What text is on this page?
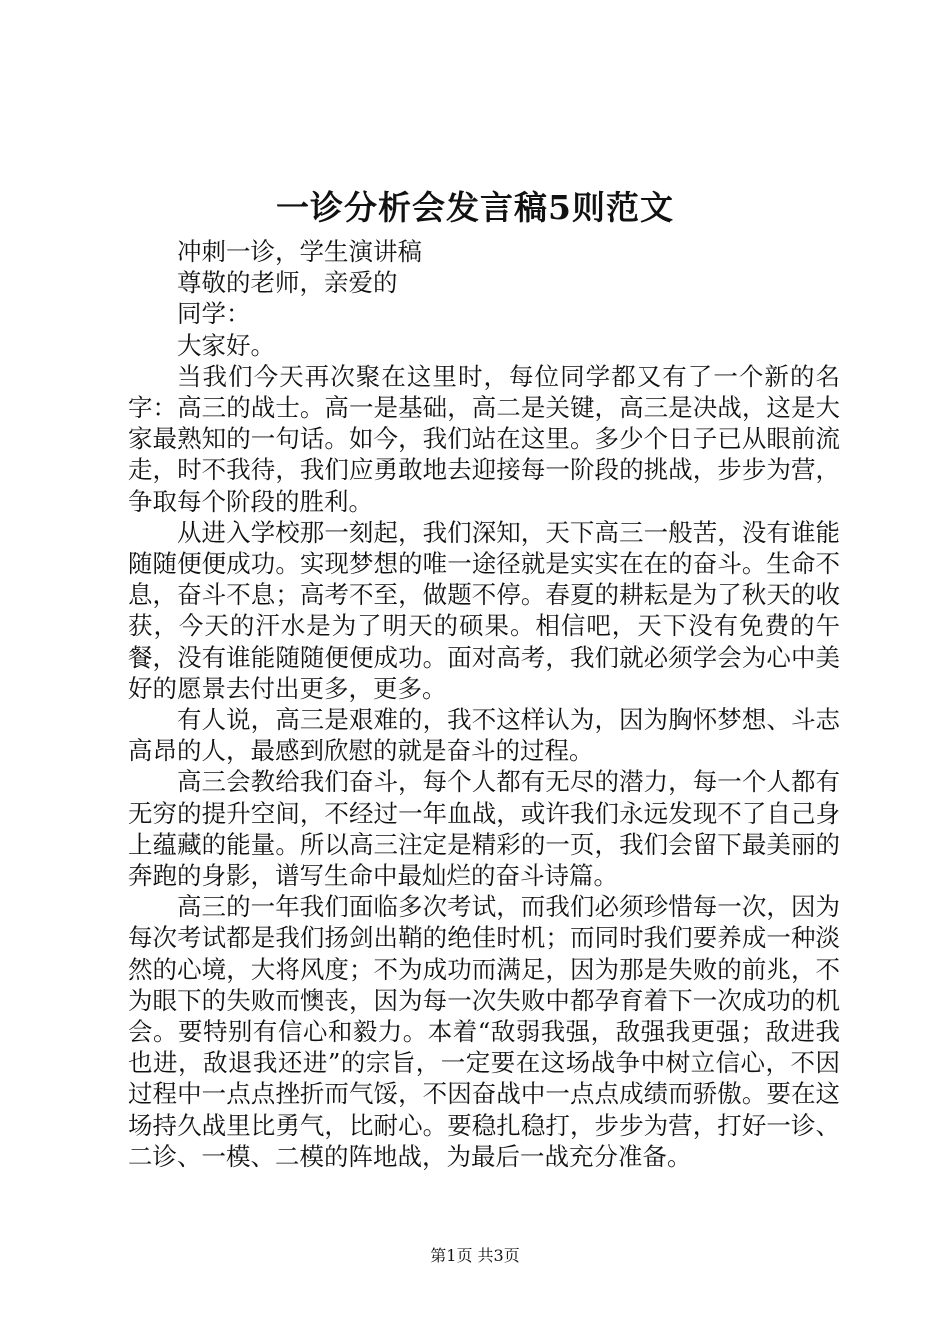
一诊分析会发言稿5则范文

冲刺一诊，学生演讲稿

尊敬的老师，亲爱的

同学：

大家好。

当我们今天再次聚在这里时，每位同学都又有了一个新的名字：高三的战士。高一是基础，高二是关键，高三是决战，这是大家最熟知的一句话。如今，我们站在这里。多少个日子已从眼前流走，时不我待，我们应勇敢地去迎接每一阶段的挑战，步步为营，争取每个阶段的胜利。

从进入学校那一刻起，我们深知，天下高三一般苦，没有谁能随随便便成功。实现梦想的唯一途径就是实实在在的奋斗。生命不息，奋斗不息；高考不至，做题不停。春夏的耕耘是为了秋天的收获，今天的汗水是为了明天的硕果。相信吧，天下没有免费的午餐，没有谁能随随便便成功。面对高考，我们就必须学会为心中美好的愿景去付出更多，更多。

有人说，高三是艰难的，我不这样认为，因为胸怀梦想、斗志高昂的人，最感到欣慰的就是奋斗的过程。

高三会教给我们奋斗，每个人都有无尽的潜力，每一个人都有无穷的提升空间，不经过一年血战，或许我们永远发现不了自己身上蕴藏的能量。所以高三注定是精彩的一页，我们会留下最美丽的奔跑的身影，谱写生命中最灿烂的奋斗诗篇。

高三的一年我们面临多次考试，而我们必须珍惜每一次，因为每次考试都是我们扬剑出鞘的绝佳时机；而同时我们要养成一种淡然的心境，大将风度；不为成功而满足，因为那是失败的前兆，不为眼下的失败而懊丧，因为每一次失败中都孕育着下一次成功的机会。要特别有信心和毅力。本着“敌弱我强，敌强我更强；敌进我也进，敌退我还进”的宗旨，一定要在这场战争中树立信心，不因过程中一点点挫折而气馁，不因奋战中一点点成绩而骄傲。要在这场持久战里比勇气，比耐心。要稳扎稳打，步步为营，打好一诊、二诊、一模、二模的阵地战，为最后一战充分准备。

第1页 共3页
